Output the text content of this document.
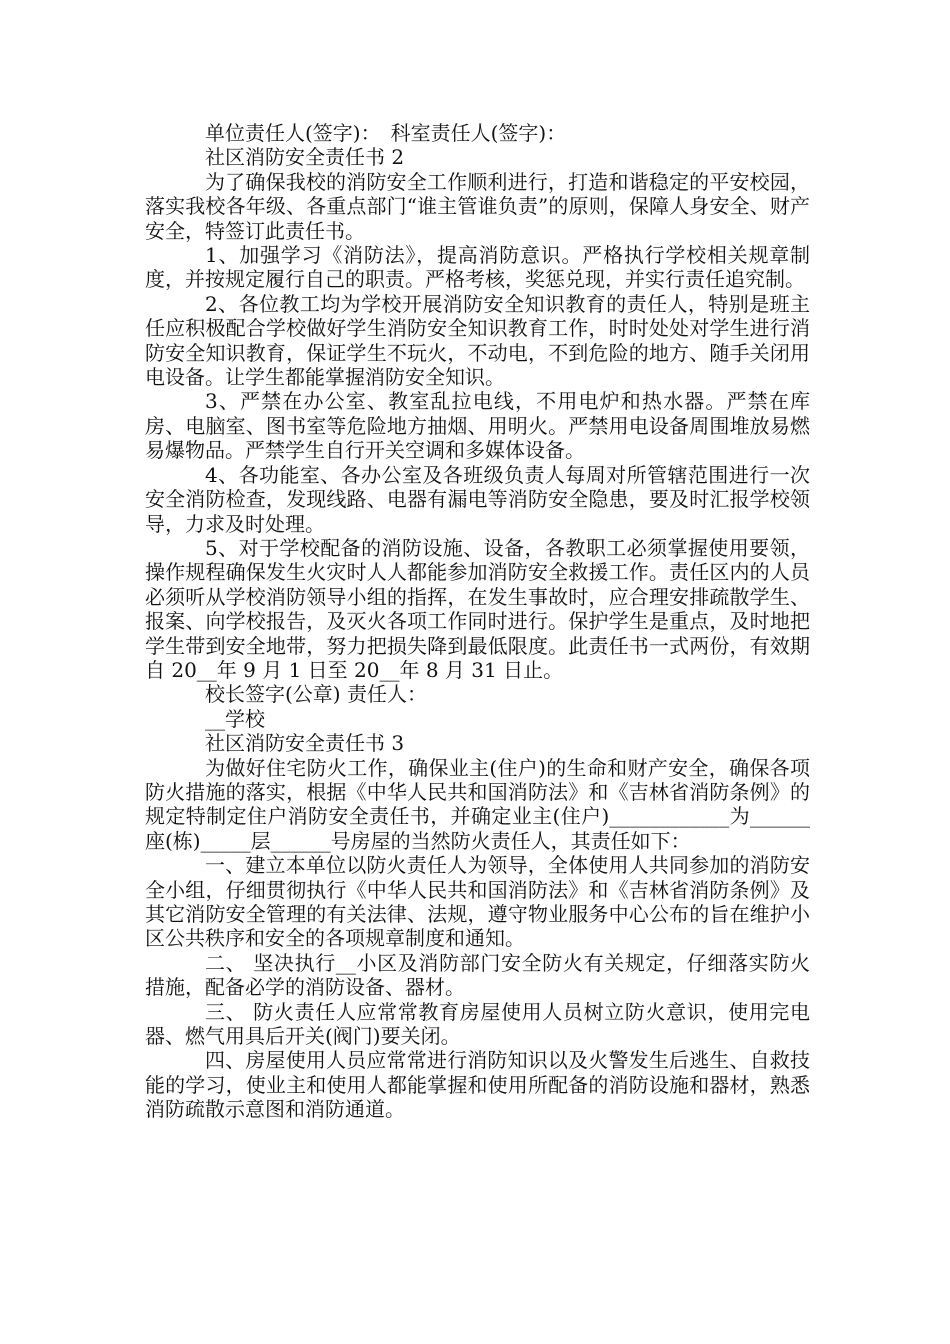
单位责任人(签字)：　科室责任人(签字)：
社区消防安全责任书 2

为了确保我校的消防安全工作顺利进行，打造和谐稳定的平安校园，落实我校各年级、各重点部门“谁主管谁负责”的原则，保障人身安全、财产安全，特签订此责任书。

1、加强学习《消防法》，提高消防意识。严格执行学校相关规章制度，并按规定履行自己的职责。严格考核，奖惩兑现，并实行责任追究制。

2、各位教工均为学校开展消防安全知识教育的责任人，特别是班主任应积极配合学校做好学生消防安全知识教育工作，时时处处对学生进行消防安全知识教育，保证学生不玩火，不动电，不到危险的地方、随手关闭用电设备。让学生都能掌握消防安全知识。

3、严禁在办公室、教室乱拉电线，不用电炉和热水器。严禁在库房、电脑室、图书室等危险地方抽烟、用明火。严禁用电设备周围堆放易燃易爆物品。严禁学生自行开关空调和多媒体设备。

4、各功能室、各办公室及各班级负责人每周对所管辖范围进行一次安全消防检查，发现线路、电器有漏电等消防安全隐患，要及时汇报学校领导，力求及时处理。

5、对于学校配备的消防设施、设备，各教职工必须掌握使用要领，操作规程确保发生火灾时人人都能参加消防安全救援工作。责任区内的人员必须听从学校消防领导小组的指挥，在发生事故时，应合理安排疏散学生、报案、向学校报告，及灭火各项工作同时进行。保护学生是重点，及时地把学生带到安全地带，努力把损失降到最低限度。此责任书一式两份，有效期自 20__年 9 月 1 日至 20__年 8 月 31 日止。

校长签字(公章) 责任人：
__学校
社区消防安全责任书 3

为做好住宅防火工作，确保业主(住户)的生命和财产安全，确保各项防火措施的落实，根据《中华人民共和国消防法》和《吉林省消防条例》的规定特制定住户消防安全责任书，并确定业主(住户)____________为______座(栋)_____层______号房屋的当然防火责任人，其责任如下：

一、建立本单位以防火责任人为领导，全体使用人共同参加的消防安全小组，仔细贯彻执行《中华人民共和国消防法》和《吉林省消防条例》及其它消防安全管理的有关法律、法规，遵守物业服务中心公布的旨在维护小区公共秩序和安全的各项规章制度和通知。

二、 坚决执行__小区及消防部门安全防火有关规定，仔细落实防火措施，配备必学的消防设备、器材。

三、 防火责任人应常常教育房屋使用人员树立防火意识，使用完电器、燃气用具后开关(阀门)要关闭。

四、房屋使用人员应常常进行消防知识以及火警发生后逃生、自救技能的学习，使业主和使用人都能掌握和使用所配备的消防设施和器材，熟悉消防疏散示意图和消防通道。
